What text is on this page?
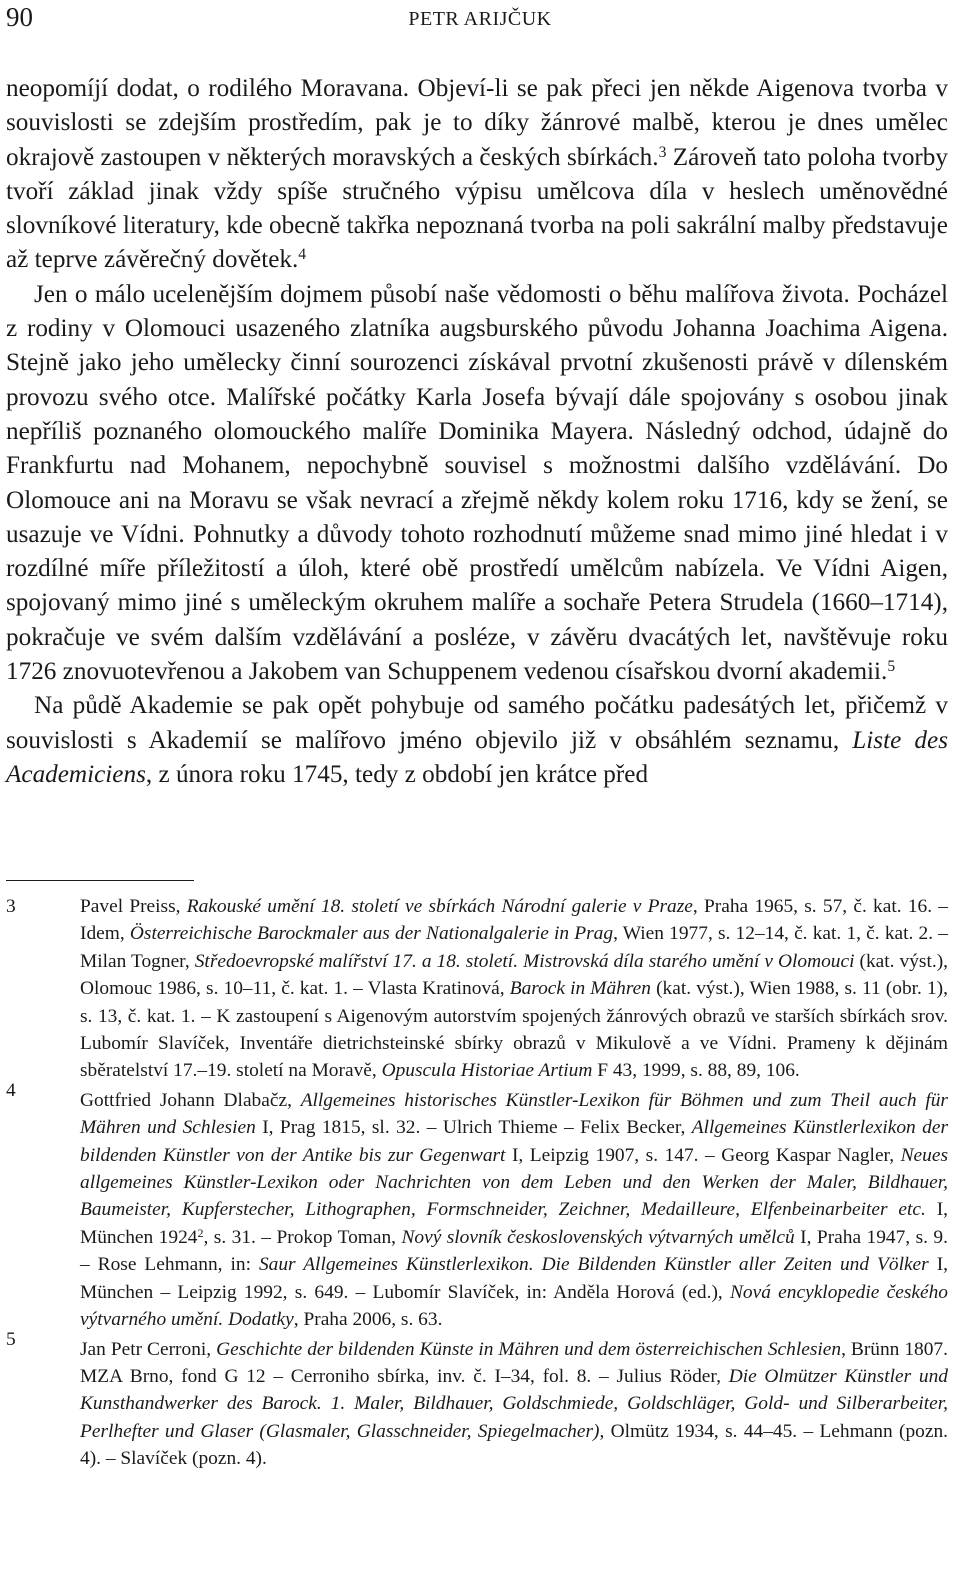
90	PETR ARIJČUK

neopomíjí dodat, o rodilého Moravana. Objeví-li se pak přeci jen někde Aigenova tvorba v souvislosti se zdejším prostředím, pak je to díky žánrové malbě, kterou je dnes umělec okrajově zastoupen v některých moravských a českých sbírkách.$^3$ Zároveň tato poloha tvorby tvoří základ jinak vždy spíše stručného výpisu umělcova díla v heslech uměnovědné slovníkové literatury, kde obecně takřka nepoznaná tvorba na poli sakrální malby představuje až teprve závěrečný dovětek.$^4$

Jen o málo ucelenějším dojmem působí naše vědomosti o běhu malířova života. Pocházel z rodiny v Olomouci usazeného zlatníka augsburského původu Johanna Joachima Aigena. Stejně jako jeho umělecky činní sourozenci získával prvotní zkušenosti právě v dílenském provozu svého otce. Malířské počátky Karla Josefa bývají dále spojovány s osobou jinak nepříliš poznaného olomouckého malíře Dominika Mayera. Následný odchod, údajně do Frankfurtu nad Mohanem, nepochybně souvisel s možnostmi dalšího vzdělávání. Do Olomouce ani na Moravu se však nevrací a zřejmě někdy kolem roku 1716, kdy se žení, se usazuje ve Vídni. Pohnutky a důvody tohoto rozhodnutí můžeme snad mimo jiné hledat i v rozdílné míře příležitostí a úloh, které obě prostředí umělcům nabízela. Ve Vídni Aigen, spojovaný mimo jiné s uměleckým okruhem malíře a sochaře Petera Strudela (1660–1714), pokračuje ve svém dalším vzdělávání a posléze, v závěru dvacátých let, navštěvuje roku 1726 znovuotevřenou a Jakobem van Schuppenem vedenou císařskou dvorní akademii.$^5$

Na půdě Akademie se pak opět pohybuje od samého počátku padesátých let, přičemž v souvislosti s Akademií se malířovo jméno objevilo již v obsáhlém seznamu, Liste des Academiciens, z února roku 1745, tedy z období jen krátce před

3	Pavel Preiss, Rakouské umění 18. století ve sbírkách Národní galerie v Praze, Praha 1965, s. 57, č. kat. 16. – Idem, Österreichische Barockmaler aus der Nationalgalerie in Prag, Wien 1977, s. 12–14, č. kat. 1, č. kat. 2. – Milan Togner, Středoevropské malířství 17. a 18. století. Mistrovská díla starého umění v Olomouci (kat. výst.), Olomouc 1986, s. 10–11, č. kat. 1. – Vlasta Kratinová, Barock in Mähren (kat. výst.), Wien 1988, s. 11 (obr. 1), s. 13, č. kat. 1. – K zastoupení s Aigenovým autorstvím spojených žánrových obrazů ve starších sbírkách srov. Lubomír Slavíček, Inventáře dietrichsteinské sbírky obrazů v Mikulově a ve Vídni. Prameny k dějinám sběratelství 17.–19. století na Moravě, Opuscula Historiae Artium F 43, 1999, s. 88, 89, 106.
4	Gottfried Johann Dlabačz, Allgemeines historisches Künstler-Lexikon für Böhmen und zum Theil auch für Mähren und Schlesien I, Prag 1815, sl. 32. – Ulrich Thieme – Felix Becker, Allgemeines Künstlerlexikon der bildenden Künstler von der Antike bis zur Gegenwart I, Leipzig 1907, s. 147. – Georg Kaspar Nagler, Neues allgemeines Künstler-Lexikon oder Nachrichten von dem Leben und den Werken der Maler, Bildhauer, Baumeister, Kupferstecher, Lithographen, Formschneider, Zeichner, Medailleure, Elfenbeinarbeiter etc. I, München 1924$^2$, s. 31. – Prokop Toman, Nový slovník československých výtvarných umělců I, Praha 1947, s. 9. – Rose Lehmann, in: Saur Allgemeines Künstlerlexikon. Die Bildenden Künstler aller Zeiten und Völker I, München – Leipzig 1992, s. 649. – Lubomír Slavíček, in: Anděla Horová (ed.), Nová encyklopedie českého výtvarného umění. Dodatky, Praha 2006, s. 63.
5	Jan Petr Cerroni, Geschichte der bildenden Künste in Mähren und dem österreichischen Schlesien, Brünn 1807. MZA Brno, fond G 12 – Cerroniho sbírka, inv. č. I–34, fol. 8. – Julius Röder, Die Olmützer Künstler und Kunsthandwerker des Barock. 1. Maler, Bildhauer, Goldschmiede, Goldschläger, Gold- und Silberarbeiter, Perlhefter und Glaser (Glasmaler, Glasschneider, Spiegelmacher), Olmütz 1934, s. 44–45. – Lehmann (pozn. 4). – Slavíček (pozn. 4).
